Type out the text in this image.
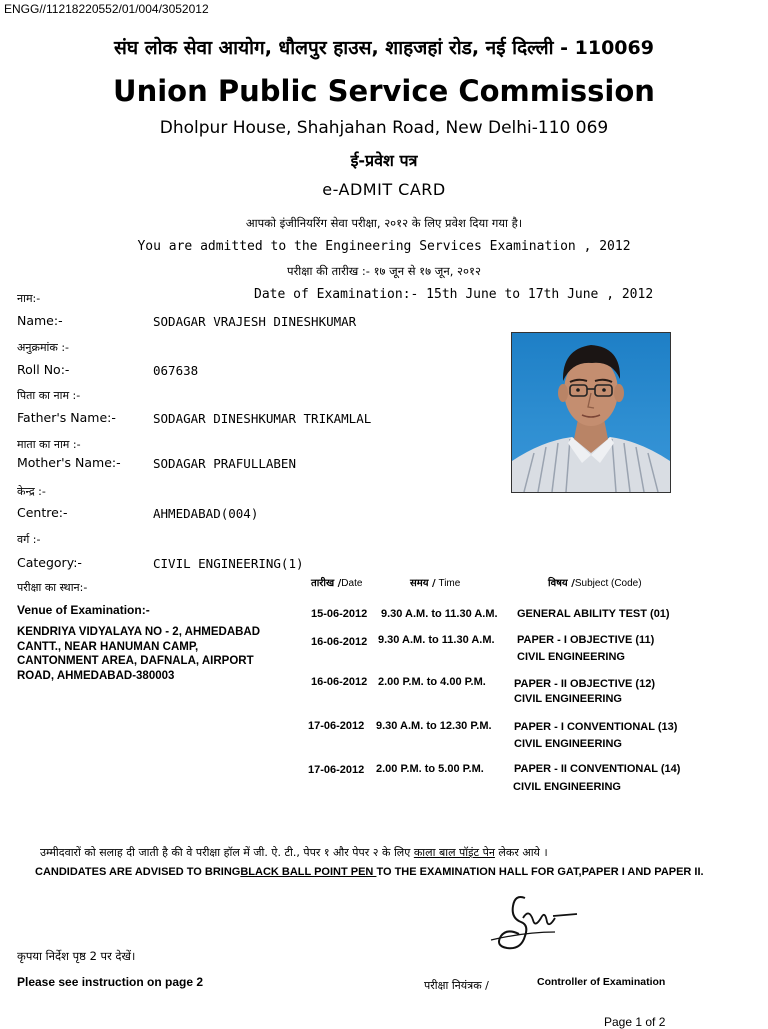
ENGG//11218220552/01/004/3052012
संघ लोक सेवा आयोग, धौलपुर हाउस, शाहजहां रोड, नई दिल्ली - 110069
Union Public Service Commission
Dholpur House, Shahjahan Road, New Delhi-110 069
ई-प्रवेश पत्र
e-ADMIT CARD
आपको इंजीनियरिंग सेवा परीक्षा, २०१२ के लिए प्रवेश दिया गया है।
You are admitted to the Engineering Services Examination , 2012
परीक्षा की तारीख :- १७ जून से १७ जून, २०१२
Date of Examination:- 15th June to 17th June , 2012
नाम:-
Name:-	SODAGAR VRAJESH DINESHKUMAR
अनुक्रमांक :-
Roll No:-	067638
पिता का नाम :-
Father's Name:-	SODAGAR DINESHKUMAR TRIKAMLAL
माता का नाम :-
Mother's Name:-	SODAGAR PRAFULLABEN
केन्द्र :-
Centre:-	AHMEDABAD(004)
वर्ग :-
Category:-	CIVIL ENGINEERING(1)
परीक्षा का स्थान:-
Venue of Examination:-
KENDRIYA VIDYALAYA NO - 2, AHMEDABAD
CANTT., NEAR HANUMAN CAMP,
CANTONMENT AREA, DAFNALA, AIRPORT
ROAD, AHMEDABAD-380003
तारीख /Date	समय / Time	विषय /Subject (Code)
15-06-2012 9.30 A.M. to 11.30 A.M. GENERAL ABILITY TEST (01)
16-06-2012 9.30 A.M. to 11.30 A.M. PAPER - I OBJECTIVE (11)
CIVIL ENGINEERING
16-06-2012 2.00 P.M. to 4.00 P.M.	PAPER - II OBJECTIVE (12)
CIVIL ENGINEERING
17-06-2012 9.30 A.M. to 12.30 P.M. PAPER - I CONVENTIONAL (13)
CIVIL ENGINEERING
17-06-2012 2.00 P.M. to 5.00 P.M.	PAPER - II CONVENTIONAL (14)
CIVIL ENGINEERING
उम्मीदवारों को सलाह दी जाती है की वे परीक्षा हॉल में जी. ऐ. टी., पेपर १ और पेपर २ के लिए काला बाल पॉइंट पेन लेकर आये ।
CANDIDATES ARE ADVISED TO BRINGBLACK BALL POINT PEN TO THE EXAMINATION HALL FOR GAT,PAPER I AND PAPER II.
कृपया निर्देश पृष्ठ 2 पर देखें।
Please see instruction on page 2	परीक्षा नियंत्रक /	Controller of Examination
Page 1 of 2
